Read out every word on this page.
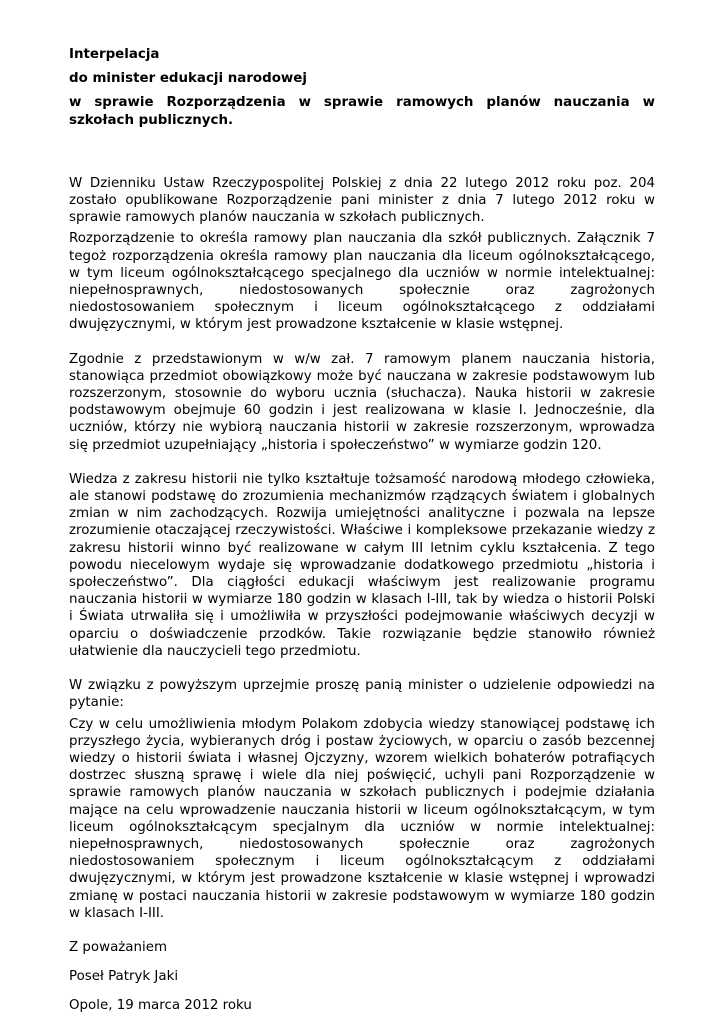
Interpelacja
do minister edukacji narodowej
w sprawie Rozporządzenia w sprawie ramowych planów nauczania w szkołach publicznych.

W Dzienniku Ustaw Rzeczypospolitej Polskiej z dnia 22 lutego 2012 roku poz. 204 zostało opublikowane Rozporządzenie pani minister z dnia 7 lutego 2012 roku w sprawie ramowych planów nauczania w szkołach publicznych.

Rozporządzenie to określa ramowy plan nauczania dla szkół publicznych. Załącznik 7 tegoż rozporządzenia określa ramowy plan nauczania dla liceum ogólnokształcącego, w tym liceum ogólnokształcącego specjalnego dla uczniów w normie intelektualnej: niepełnosprawnych, niedostosowanych społecznie oraz zagrożonych niedostosowaniem społecznym i liceum ogólnokształcącego z oddziałami dwujęzycznymi, w którym jest prowadzone kształcenie w klasie wstępnej.

Zgodnie z przedstawionym w w/w zał. 7 ramowym planem nauczania historia, stanowiąca przedmiot obowiązkowy może być nauczana w zakresie podstawowym lub rozszerzonym, stosownie do wyboru ucznia (słuchacza). Nauka historii w zakresie podstawowym obejmuje 60 godzin i jest realizowana w klasie I. Jednocześnie, dla uczniów, którzy nie wybiorą nauczania historii w zakresie rozszerzonym, wprowadza się przedmiot uzupełniający „historia i społeczeństwo” w wymiarze godzin 120.

Wiedza z zakresu historii nie tylko kształtuje tożsamość narodową młodego człowieka, ale stanowi podstawę do zrozumienia mechanizmów rządzących światem i globalnych zmian w nim zachodzących. Rozwija umiejętności analityczne i pozwala na lepsze zrozumienie otaczającej rzeczywistości. Właściwe i kompleksowe przekazanie wiedzy z zakresu historii winno być realizowane w całym III letnim cyklu kształcenia. Z tego powodu niecelowym wydaje się wprowadzanie dodatkowego przedmiotu „historia i społeczeństwo”. Dla ciągłości edukacji właściwym jest realizowanie programu nauczania historii w wymiarze 180 godzin w klasach I-III, tak by wiedza o historii Polski i Świata utrwaliła się i umożliwiła w przyszłości podejmowanie właściwych decyzji w oparciu o doświadczenie przodków. Takie rozwiązanie będzie stanowiło również ułatwienie dla nauczycieli tego przedmiotu.

W związku z powyższym uprzejmie proszę panią minister o udzielenie odpowiedzi na pytanie:

Czy w celu umożliwienia młodym Polakom zdobycia wiedzy stanowiącej podstawę ich przyszłego życia, wybieranych dróg i postaw życiowych, w oparciu o zasób bezcennej wiedzy o historii świata i własnej Ojczyzny, wzorem wielkich bohaterów potrafiących dostrzec słuszną sprawę i wiele dla niej poświęcić, uchyli pani Rozporządzenie w sprawie ramowych planów nauczania w szkołach publicznych i podejmie działania mające na celu wprowadzenie nauczania historii w liceum ogólnokształcącym, w tym liceum ogólnokształcącym specjalnym dla uczniów w normie intelektualnej: niepełnosprawnych, niedostosowanych społecznie oraz zagrożonych niedostosowaniem społecznym i liceum ogólnokształcącym z oddziałami dwujęzycznymi, w którym jest prowadzone kształcenie w klasie wstępnej i wprowadzi zmianę w postaci nauczania historii w zakresie podstawowym w wymiarze 180 godzin w klasach I-III.

Z poważaniem

Poseł Patryk Jaki

Opole, 19 marca 2012 roku
